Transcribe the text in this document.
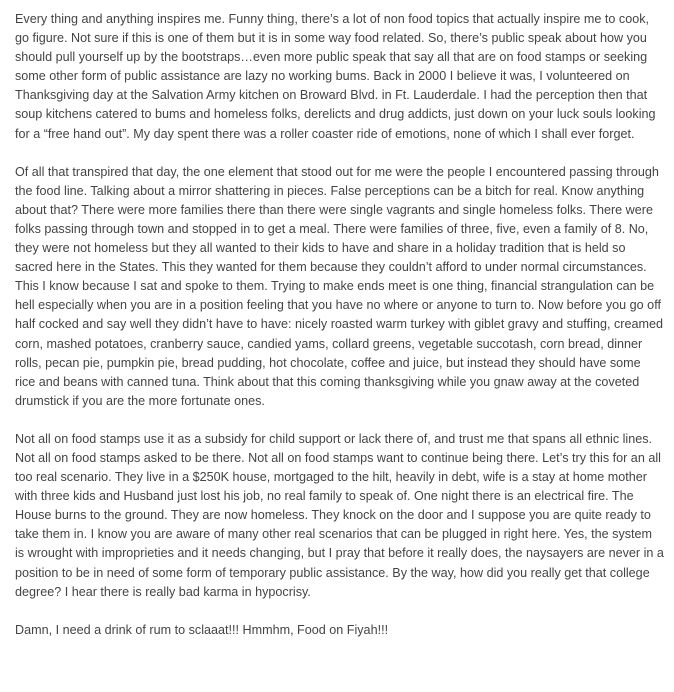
Every thing and anything inspires me. Funny thing, there’s a lot of non food topics that actually inspire me to cook, go figure. Not sure if this is one of them but it is in some way food related. So, there’s public speak about how you should pull yourself up by the bootstraps…even more public speak that say all that are on food stamps or seeking some other form of public assistance are lazy no working bums. Back in 2000 I believe it was, I volunteered on Thanksgiving day at the Salvation Army kitchen on Broward Blvd. in Ft. Lauderdale. I had the perception then that soup kitchens catered to bums and homeless folks, derelicts and drug addicts, just down on your luck souls looking for a “free hand out”. My day spent there was a roller coaster ride of emotions, none of which I shall ever forget.

Of all that transpired that day, the one element that stood out for me were the people I encountered passing through the food line. Talking about a mirror shattering in pieces. False perceptions can be a bitch for real. Know anything about that? There were more families there than there were single vagrants and single homeless folks. There were folks passing through town and stopped in to get a meal. There were families of three, five, even a family of 8. No, they were not homeless but they all wanted to their kids to have and share in a holiday tradition that is held so sacred here in the States. This they wanted for them because they couldn’t afford to under normal circumstances. This I know because I sat and spoke to them. Trying to make ends meet is one thing, financial strangulation can be hell especially when you are in a position feeling that you have no where or anyone to turn to. Now before you go off half cocked and say well they didn’t have to have: nicely roasted warm turkey with giblet gravy and stuffing, creamed corn, mashed potatoes, cranberry sauce, candied yams, collard greens, vegetable succotash, corn bread, dinner rolls, pecan pie, pumpkin pie, bread pudding, hot chocolate, coffee and juice, but instead they should have some rice and beans with canned tuna. Think about that this coming thanksgiving while you gnaw away at the coveted drumstick if you are the more fortunate ones.

Not all on food stamps use it as a subsidy for child support or lack there of, and trust me that spans all ethnic lines. Not all on food stamps asked to be there. Not all on food stamps want to continue being there. Let’s try this for an all too real scenario. They live in a $250K house, mortgaged to the hilt, heavily in debt, wife is a stay at home mother with three kids and Husband just lost his job, no real family to speak of. One night there is an electrical fire. The House burns to the ground. They are now homeless. They knock on the door and I suppose you are quite ready to take them in. I know you are aware of many other real scenarios that can be plugged in right here. Yes, the system is wrought with improprieties and it needs changing, but I pray that before it really does, the naysayers are never in a position to be in need of some form of temporary public assistance. By the way, how did you really get that college degree? I hear there is really bad karma in hypocrisy.

Damn, I need a drink of rum to sclaaat!!! Hmmhm, Food on Fiyah!!!
